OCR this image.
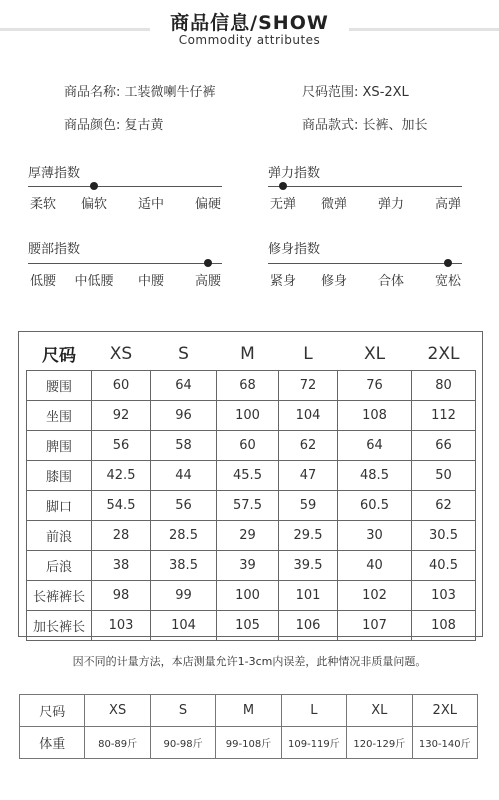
商品信息/SHOW
Commodity attributes
商品名称: 工装微喇牛仔裤	尺码范围: XS-2XL
商品颜色: 复古黄	商品款式: 长裤、加长
厚薄指数
柔软	偏软	适中	偏硬
弹力指数
无弹	微弹	弹力	高弹
腰部指数
低腰	中低腰	中腰	高腰
修身指数
紧身	修身	合体	宽松
尺码	XS	S	M	L	XL	2XL
腰围	60	64	68	72	76	80
坐围	92	96	100	104	108	112
脾围	56	58	60	62	64	66
膝围	42.5	44	45.5	47	48.5	50
脚口	54.5	56	57.5	59	60.5	62
前浪	28	28.5	29	29.5	30	30.5
后浪	38	38.5	39	39.5	40	40.5
长裤裤长	98	99	100	101	102	103
加长裤长	103	104	105	106	107	108
因不同的计量方法，本店测量允许1-3cm内误差，此种情况非质量问题。
尺码	XS	S	M	L	XL	2XL
体重	80-89斤	90-98斤	99-108斤	109-119斤	120-129斤	130-140斤
